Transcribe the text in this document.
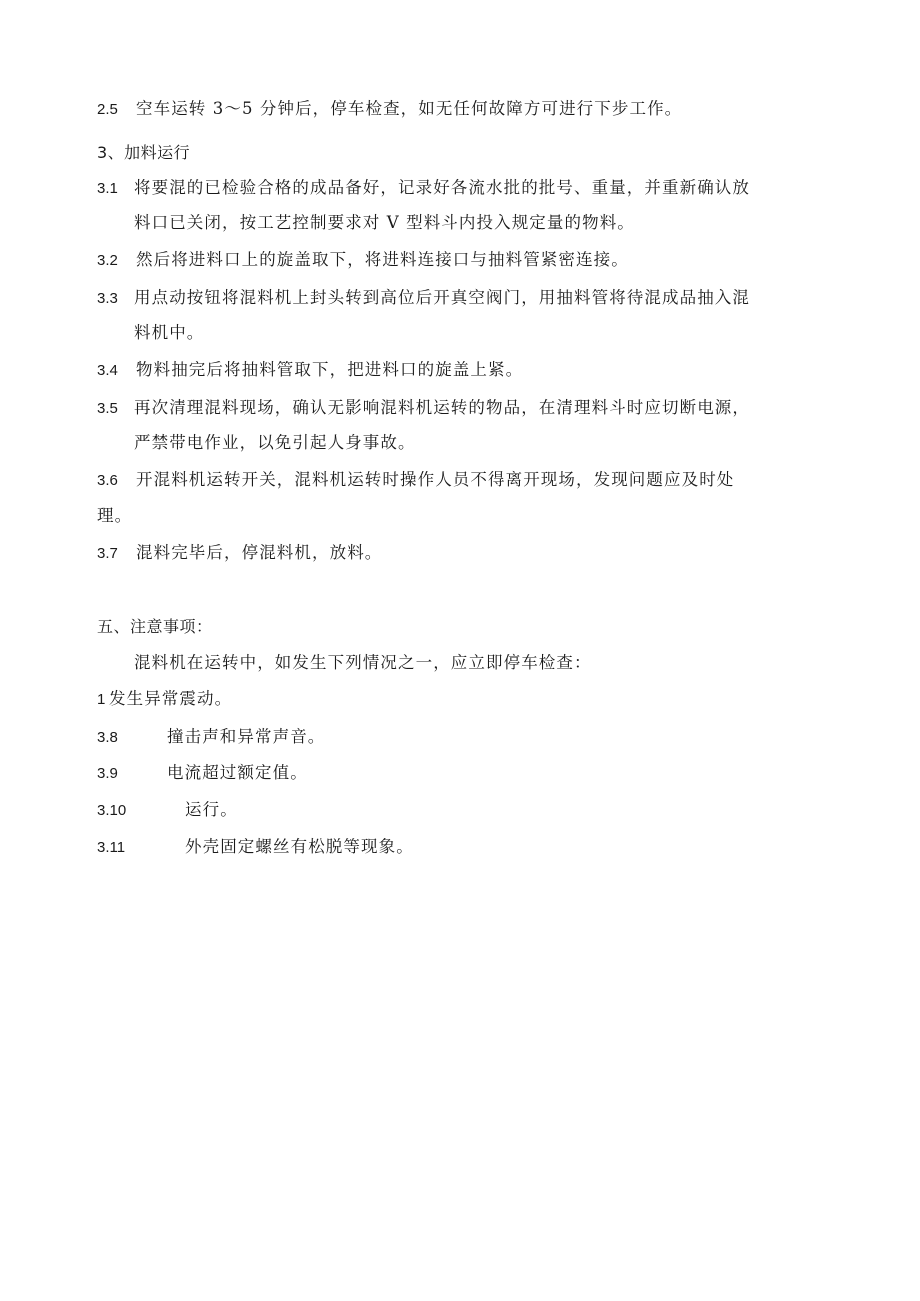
2.5 空车运转 3～5 分钟后，停车检查，如无任何故障方可进行下步工作。
3、加料运行
3.1 将要混的已检验合格的成品备好，记录好各流水批的批号、重量，并重新确认放
料口已关闭，按工艺控制要求对 V 型料斗内投入规定量的物料。
3.2 然后将进料口上的旋盖取下，将进料连接口与抽料管紧密连接。
3.3 用点动按钮将混料机上封头转到高位后开真空阀门，用抽料管将待混成品抽入混
料机中。
3.4 物料抽完后将抽料管取下，把进料口的旋盖上紧。
3.5 再次清理混料现场，确认无影响混料机运转的物品，在清理料斗时应切断电源，
严禁带电作业，以免引起人身事故。
3.6 开混料机运转开关，混料机运转时操作人员不得离开现场，发现问题应及时处
理。
3.7 混料完毕后，停混料机，放料。
五、注意事项：
混料机在运转中，如发生下列情况之一，应立即停车检查：
1 发生异常震动。
3.8	撞击声和异常声音。
3.9	电流超过额定值。
3.10	运行。
3.11	外壳固定螺丝有松脱等现象。
